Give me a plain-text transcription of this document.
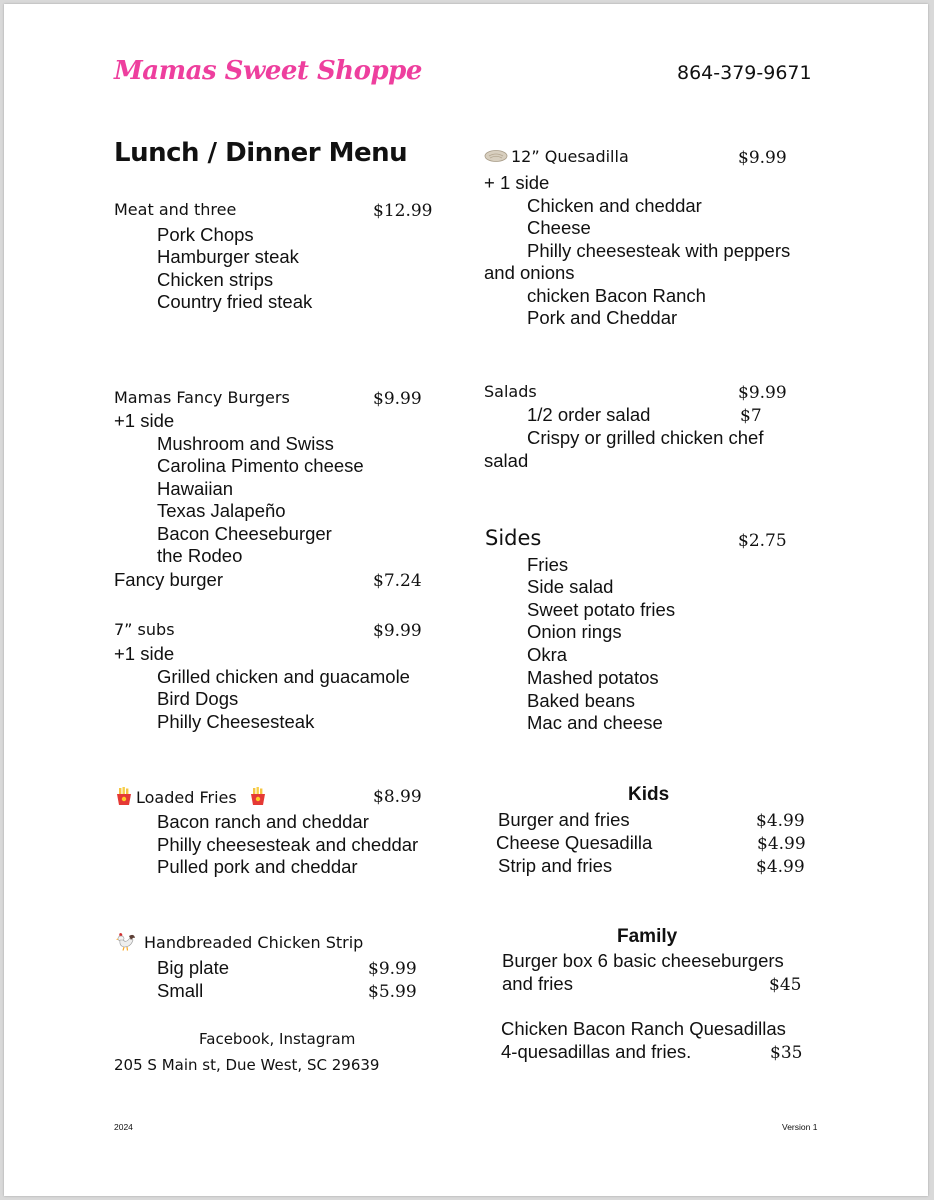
Mamas Sweet Shoppe	864-379-9671
Lunch / Dinner Menu
Meat and three	$12.99
Pork Chops
Hamburger steak
Chicken strips
Country fried steak
Mamas Fancy Burgers	$9.99
+1 side
Mushroom and Swiss
Carolina Pimento cheese
Hawaiian
Texas Jalapeño
Bacon Cheeseburger
the Rodeo
Fancy burger	$7.24
7” subs	$9.99
+1 side
Grilled chicken and guacamole
Bird Dogs
Philly Cheesesteak
Loaded Fries	$8.99
Bacon ranch and cheddar
Philly cheesesteak and cheddar
Pulled pork and cheddar
Handbreaded Chicken Strip
Big plate	$9.99
Small	$5.99
Facebook, Instagram
205 S Main st, Due West, SC 29639
12” Quesadilla	$9.99
+ 1 side
Chicken and cheddar
Cheese
Philly cheesesteak with peppers
and onions
chicken Bacon Ranch
Pork and Cheddar
Salads	$9.99
1/2 order salad	$7
Crispy or grilled chicken chef
salad
Sides	$2.75
Fries
Side salad
Sweet potato fries
Onion rings
Okra
Mashed potatos
Baked beans
Mac and cheese
Kids
Burger and fries	$4.99
Cheese Quesadilla	$4.99
Strip and fries	$4.99
Family
Burger box 6 basic cheeseburgers
and fries	$45
Chicken Bacon Ranch Quesadillas
4-quesadillas and fries.	$35
2024	Version 1
